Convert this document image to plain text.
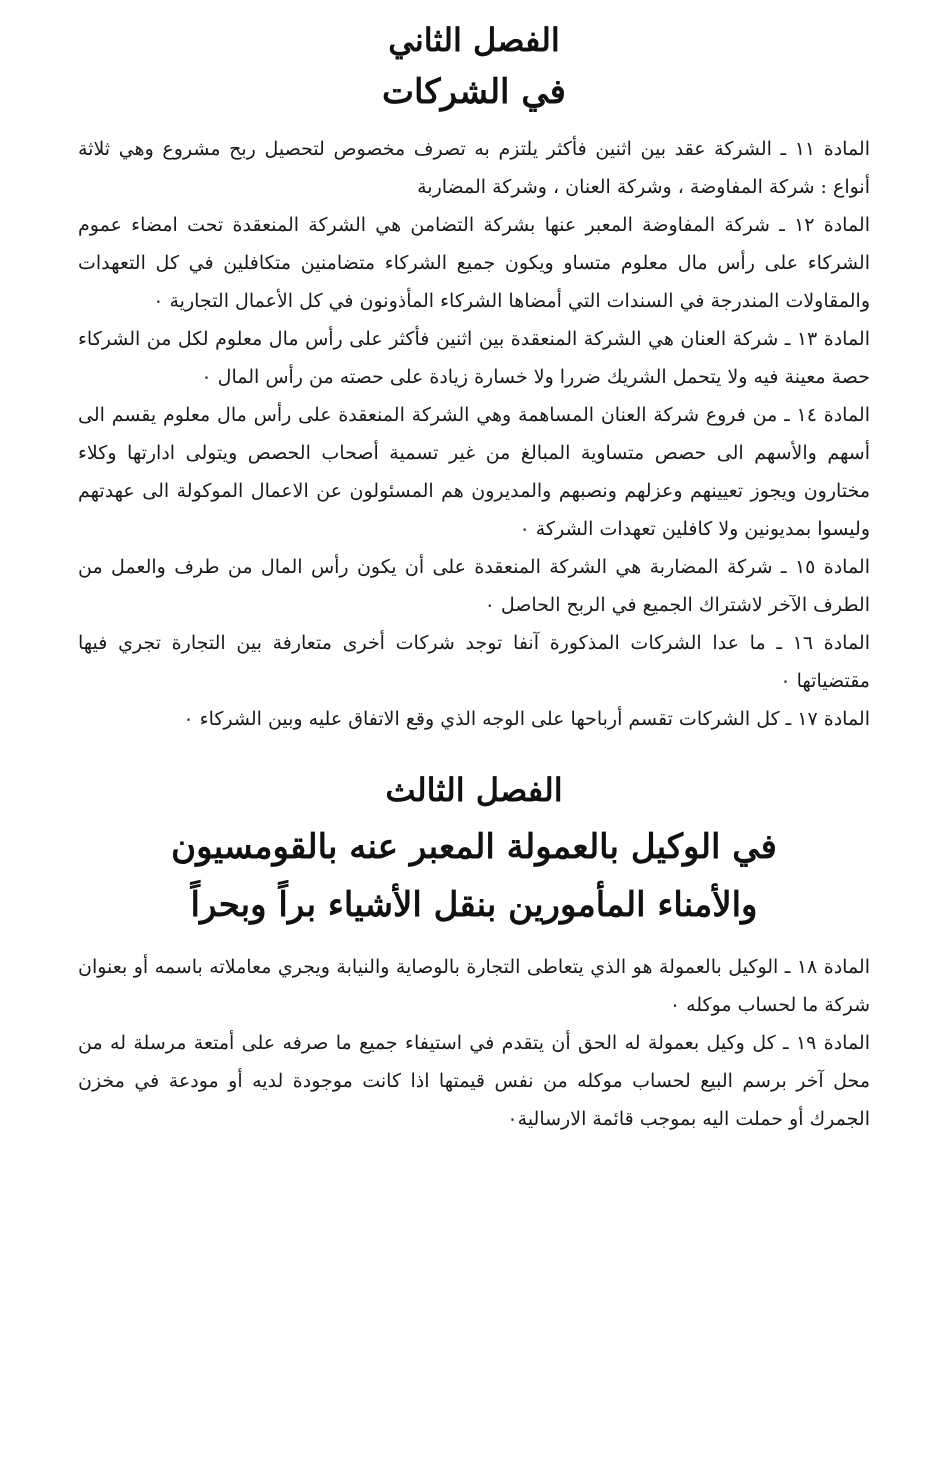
الفصل الثاني
في الشركات

المادة ١١ ـ الشركة عقد بين اثنين فأكثر يلتزم به تصرف مخصوص لتحصيل ربح مشروع وهي ثلاثة أنواع : شركة المفاوضة ، وشركة العنان ، وشركة المضاربة

المادة ١٢ ـ شركة المفاوضة المعبر عنها بشركة التضامن هي الشركة المنعقدة تحت امضاء عموم الشركاء على رأس مال معلوم متساو ويكون جميع الشركاء متضامنين متكافلين في كل التعهدات والمقاولات المندرجة في السندات التي أمضاها الشركاء المأذونون في كل الأعمال التجارية ٠

المادة ١٣ ـ شركة العنان هي الشركة المنعقدة بين اثنين فأكثر على رأس مال معلوم لكل من الشركاء حصة معينة فيه ولا يتحمل الشريك ضررا ولا خسارة زيادة على حصته من رأس المال ٠

المادة ١٤ ـ من فروع شركة العنان المساهمة وهي الشركة المنعقدة على رأس مال معلوم يقسم الى أسهم والأسهم الى حصص متساوية المبالغ من غير تسمية أصحاب الحصص ويتولى ادارتها وكلاء مختارون ويجوز تعيينهم وعزلهم ونصبهم والمديرون هم المسئولون عن الاعمال الموكولة الى عهدتهم وليسوا بمديونين ولا كافلين تعهدات الشركة ٠

المادة ١٥ ـ شركة المضاربة هي الشركة المنعقدة على أن يكون رأس المال من طرف والعمل من الطرف الآخر لاشتراك الجميع في الربح الحاصل ٠

المادة ١٦ ـ ما عدا الشركات المذكورة آنفا توجد شركات أخرى متعارفة بين التجارة تجري فيها مقتضياتها ٠

المادة ١٧ ـ كل الشركات تقسم أرباحها على الوجه الذي وقع الاتفاق عليه وبين الشركاء ٠

الفصل الثالث
في الوكيل بالعمولة المعبر عنه بالقومسيون
والأمناء المأمورين بنقل الأشياء براً وبحراً

المادة ١٨ ـ الوكيل بالعمولة هو الذي يتعاطى التجارة بالوصاية والنيابة ويجري معاملاته باسمه أو بعنوان شركة ما لحساب موكله ٠

المادة ١٩ ـ كل وكيل بعمولة له الحق أن يتقدم في استيفاء جميع ما صرفه على أمتعة مرسلة له من محل آخر برسم البيع لحساب موكله من نفس قيمتها اذا كانت موجودة لديه أو مودعة في مخزن الجمرك أو حملت اليه بموجب قائمة الارسالية٠
